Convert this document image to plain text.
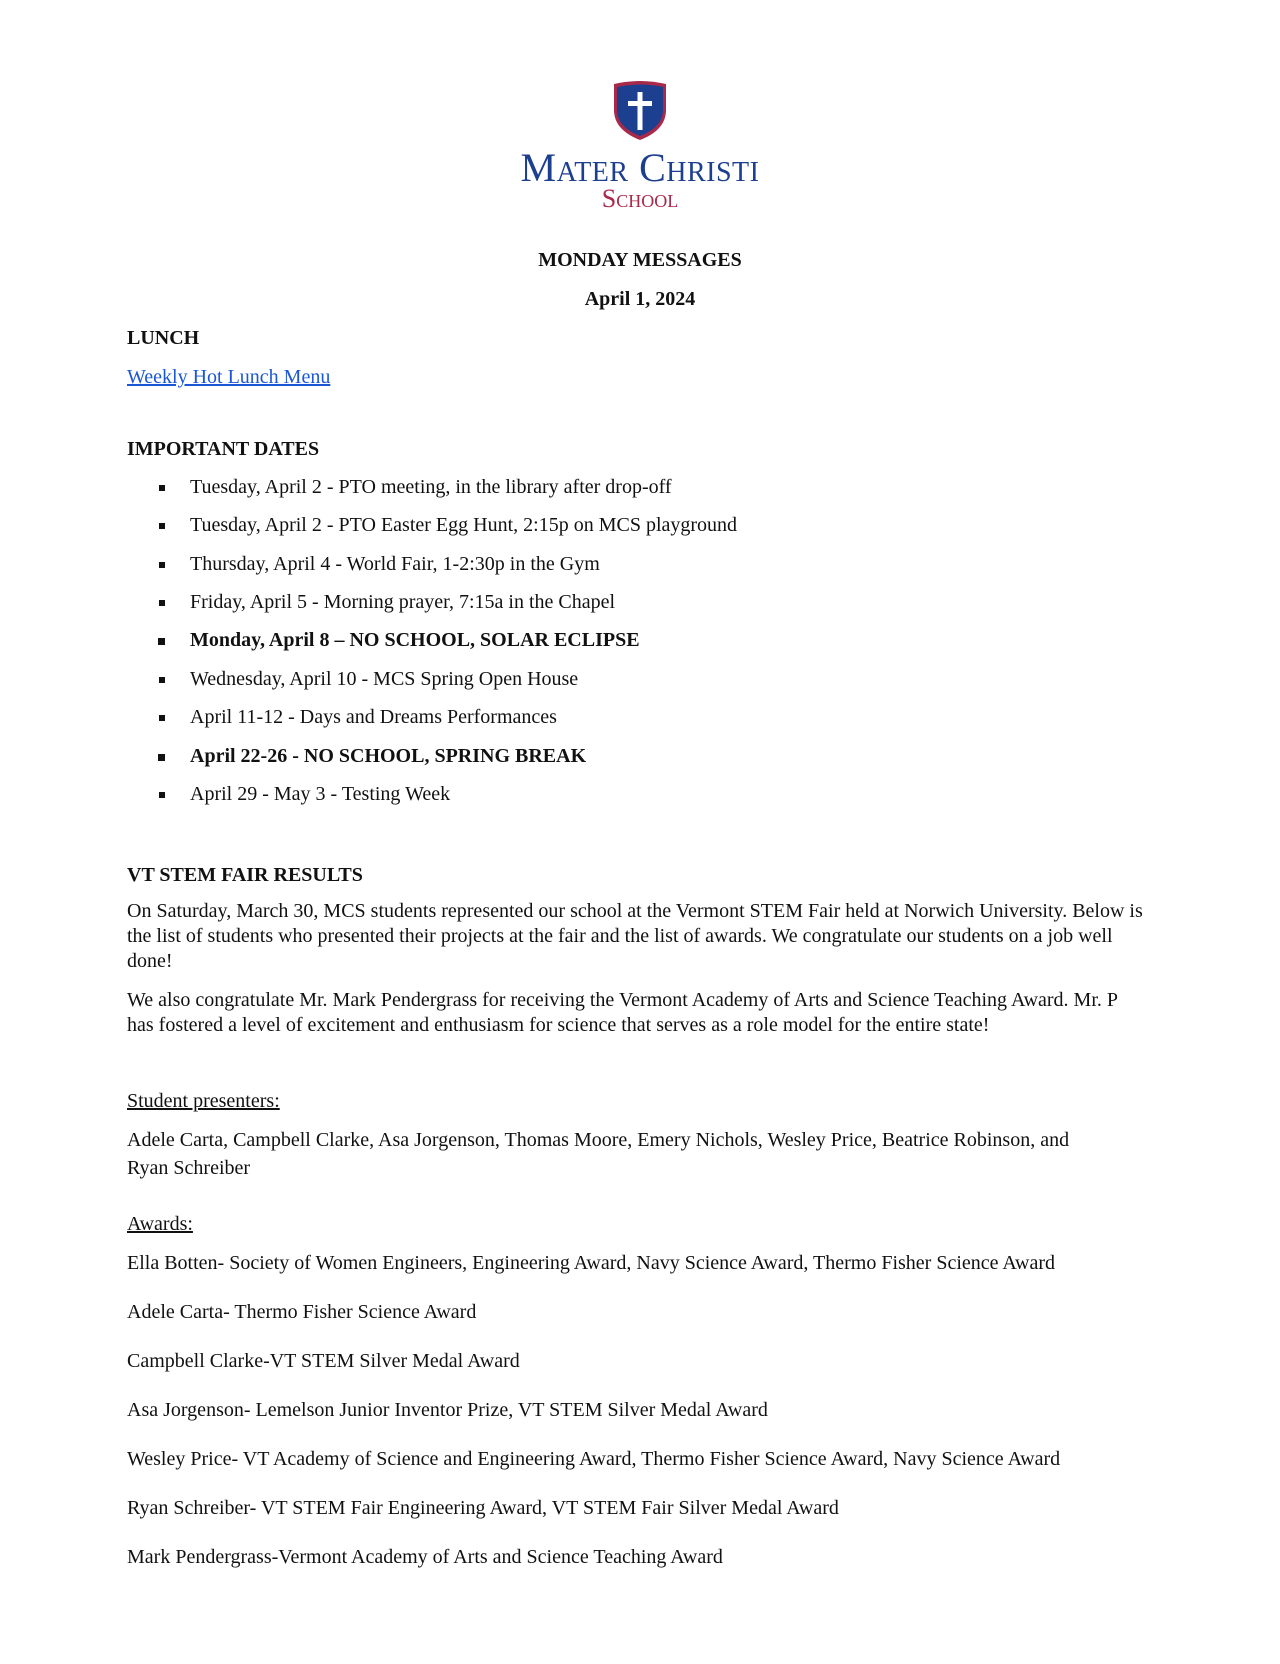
Mater Christi
School
MONDAY MESSAGES
April 1, 2024
LUNCH
Weekly Hot Lunch Menu
IMPORTANT DATES
Tuesday, April 2 - PTO meeting, in the library after drop-off
Tuesday, April 2 - PTO Easter Egg Hunt, 2:15p on MCS playground
Thursday, April 4 - World Fair, 1-2:30p in the Gym
Friday, April 5 - Morning prayer, 7:15a in the Chapel
Monday, April 8 – NO SCHOOL, SOLAR ECLIPSE
Wednesday, April 10 - MCS Spring Open House
April 11-12 - Days and Dreams Performances
April 22-26 - NO SCHOOL, SPRING BREAK
April 29 - May 3 - Testing Week
VT STEM FAIR RESULTS
On Saturday, March 30, MCS students represented our school at the Vermont STEM Fair held at Norwich University. Below is the list of students who presented their projects at the fair and the list of awards. We congratulate our students on a job well done!
We also congratulate Mr. Mark Pendergrass for receiving the Vermont Academy of Arts and Science Teaching Award. Mr. P has fostered a level of excitement and enthusiasm for science that serves as a role model for the entire state!
Student presenters:
Adele Carta, Campbell Clarke, Asa Jorgenson, Thomas Moore, Emery Nichols, Wesley Price, Beatrice Robinson, and
Ryan Schreiber
Awards:
Ella Botten- Society of Women Engineers, Engineering Award, Navy Science Award, Thermo Fisher Science Award
Adele Carta- Thermo Fisher Science Award
Campbell Clarke-VT STEM Silver Medal Award
Asa Jorgenson- Lemelson Junior Inventor Prize, VT STEM Silver Medal Award
Wesley Price- VT Academy of Science and Engineering Award, Thermo Fisher Science Award, Navy Science Award
Ryan Schreiber- VT STEM Fair Engineering Award, VT STEM Fair Silver Medal Award
Mark Pendergrass-Vermont Academy of Arts and Science Teaching Award
